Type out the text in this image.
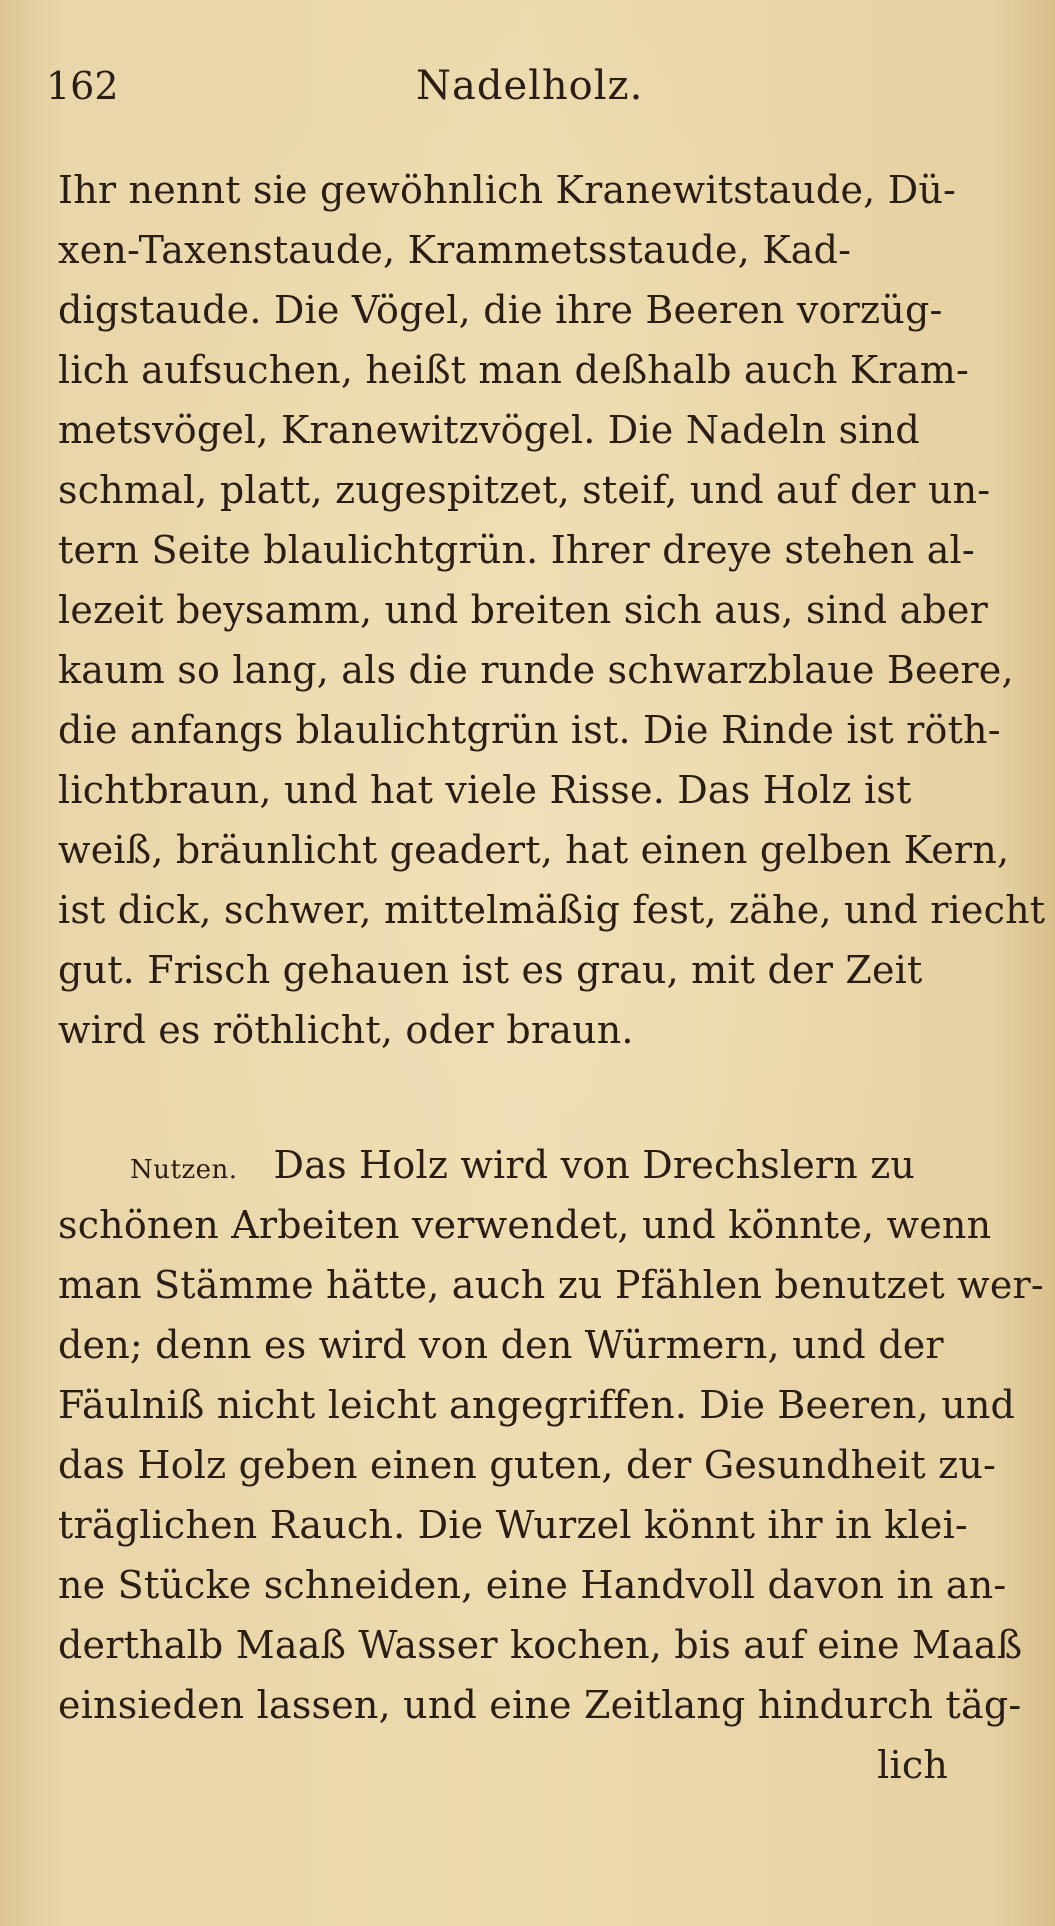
162	Nadelholz.
Ihr nennt sie gewöhnlich Kranewitstaude, Dü-
xen-Taxenstaude, Krammetsstaude, Kad-
digstaude. Die Vögel, die ihre Beeren vorzüg-
lich aufsuchen, heißt man deßhalb auch Kram-
metsvögel, Kranewitzvögel. Die Nadeln sind
schmal, platt, zugespitzet, steif, und auf der un-
tern Seite blaulichtgrün. Ihrer dreye stehen al-
lezeit beysamm, und breiten sich aus, sind aber
kaum so lang, als die runde schwarzblaue Beere,
die anfangs blaulichtgrün ist. Die Rinde ist röth-
lichtbraun, und hat viele Risse. Das Holz ist
weiß, bräunlicht geadert, hat einen gelben Kern,
ist dick, schwer, mittelmäßig fest, zähe, und riecht
gut. Frisch gehauen ist es grau, mit der Zeit
wird es röthlicht, oder braun.
Nutzen. Das Holz wird von Drechslern zu
schönen Arbeiten verwendet, und könnte, wenn
man Stämme hätte, auch zu Pfählen benutzet wer-
den; denn es wird von den Würmern, und der
Fäulniß nicht leicht angegriffen. Die Beeren, und
das Holz geben einen guten, der Gesundheit zu-
träglichen Rauch. Die Wurzel könnt ihr in klei-
ne Stücke schneiden, eine Handvoll davon in an-
derthalb Maaß Wasser kochen, bis auf eine Maaß
einsieden lassen, und eine Zeitlang hindurch täg-
lich
